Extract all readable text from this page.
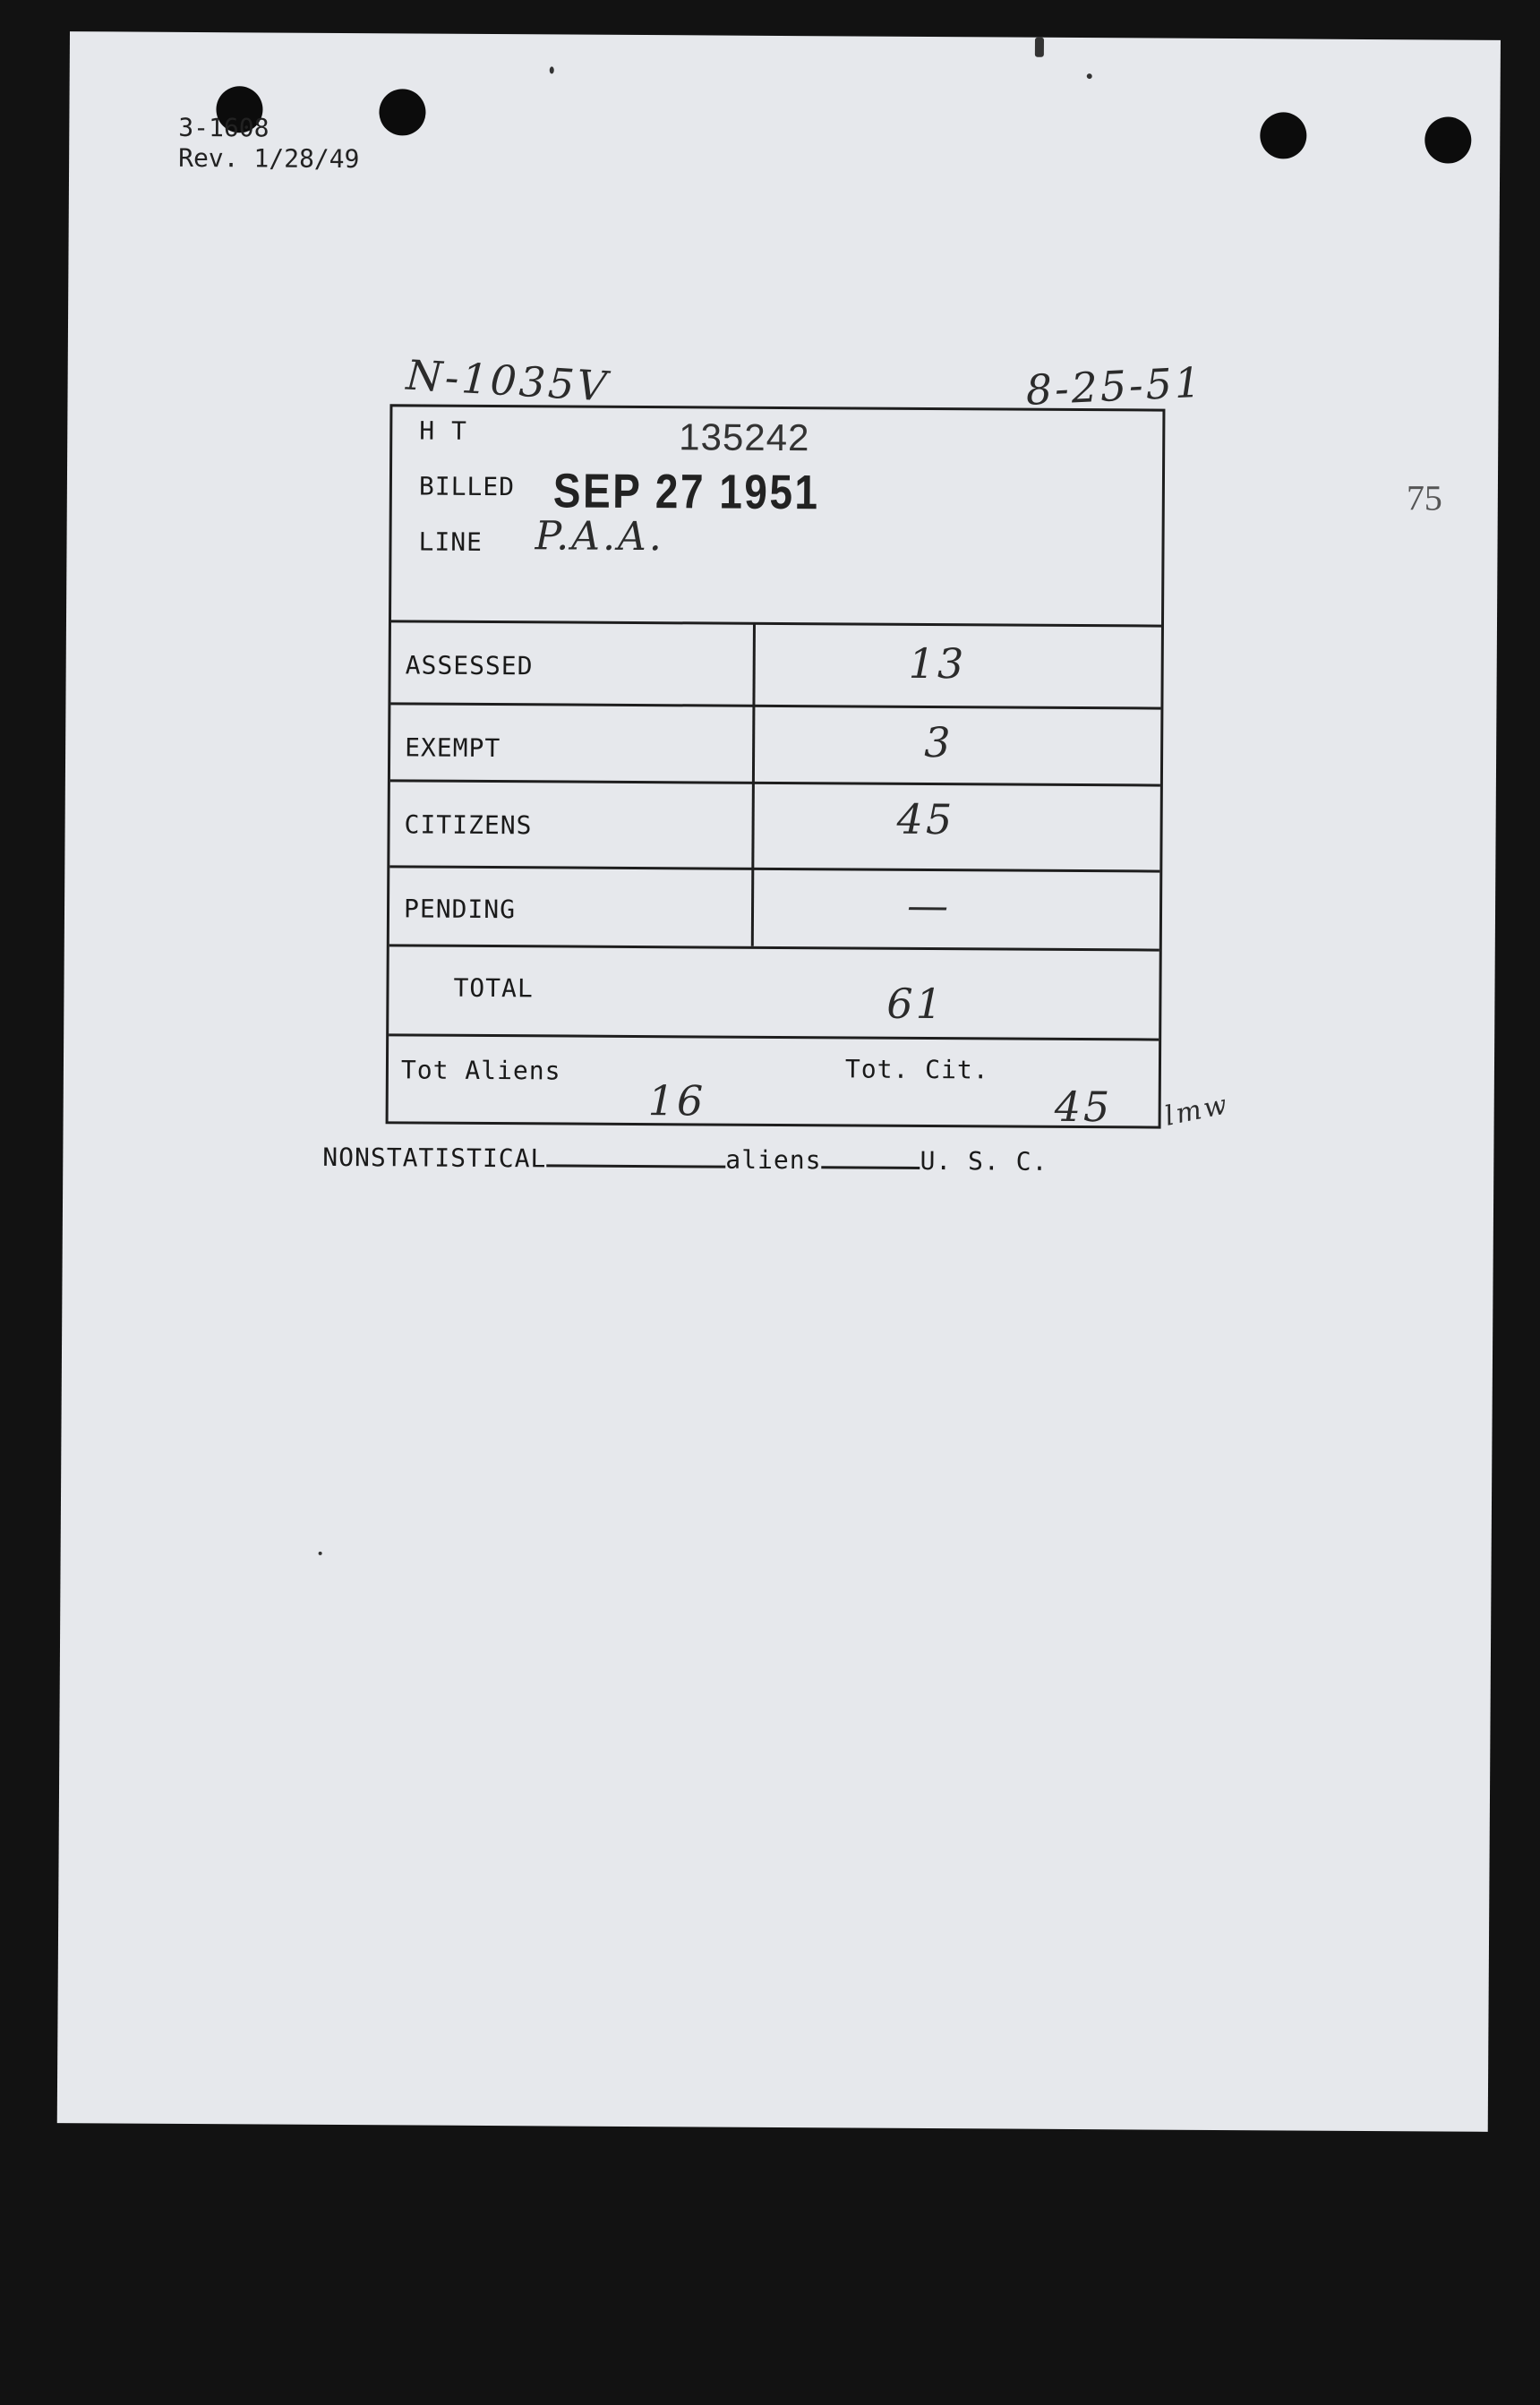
3-1608
Rev. 1/28/49
N-1035V	8-25-51
75
H T	135242
BILLED SEP 27 1951
LINE P.A.A.
ASSESSED	13
EXEMPT	3
CITIZENS	45
PENDING	—
TOTAL	61
Tot Aliens	Tot. Cit.
16	45 lmw
NONSTATISTICAL	aliens	U. S. C.
